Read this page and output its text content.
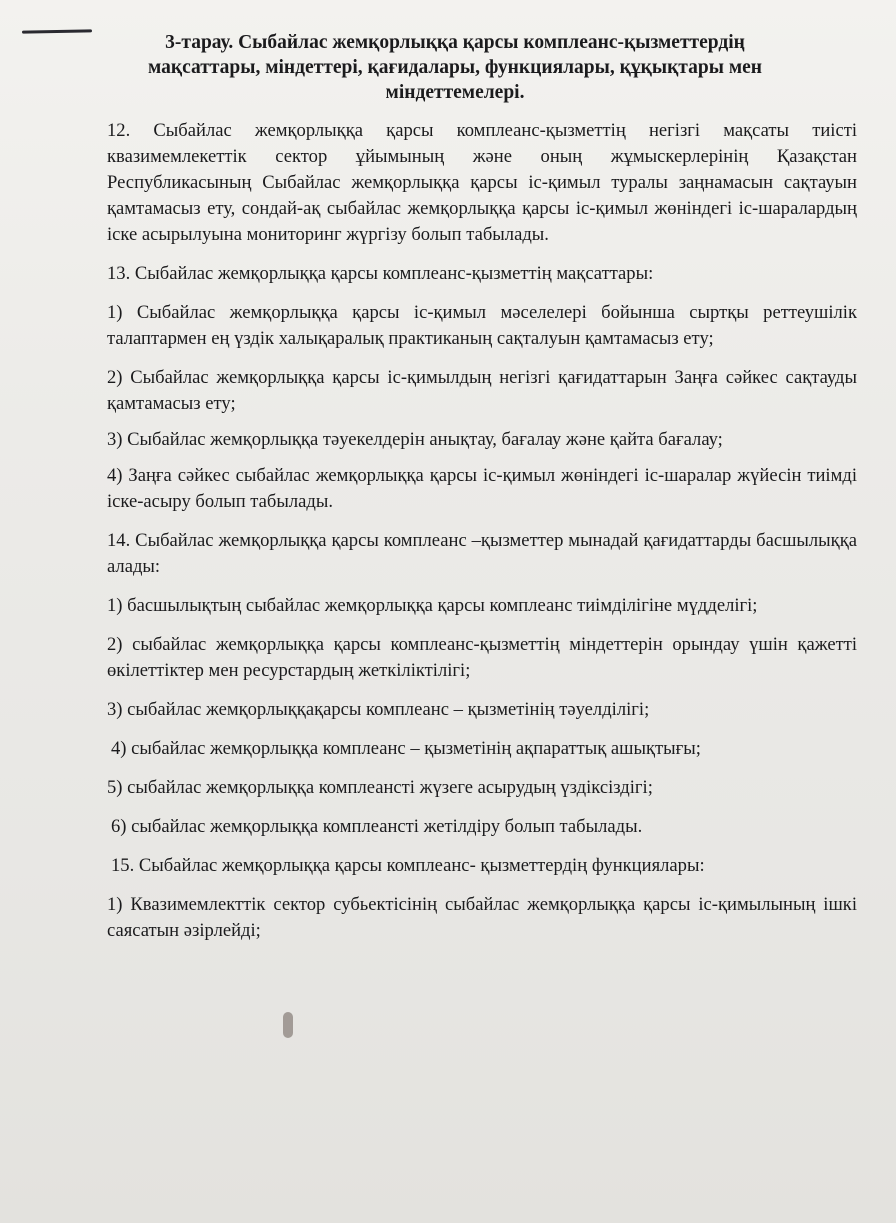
3-тарау. Сыбайлас жемқорлыққа қарсы комплеанс-қызметтердің
мақсаттары, міндеттері, қағидалары, функциялары, құқықтары мен
міндеттемелері.

12. Сыбайлас жемқорлыққа қарсы комплеанс-қызметтің негізгі мақсаты тиісті квазимемлекеттік сектор ұйымының және оның жұмыскерлерінің Қазақстан Республикасының Сыбайлас жемқорлыққа қарсы іс-қимыл туралы заңнамасын сақтауын қамтамасыз ету, сондай-ақ сыбайлас жемқорлыққа қарсы іс-қимыл жөніндегі іс-шаралардың іске асырылуына мониторинг жүргізу болып табылады.

13. Сыбайлас жемқорлыққа қарсы комплеанс-қызметтің мақсаттары:

1) Сыбайлас жемқорлыққа қарсы іс-қимыл мәселелері бойынша сыртқы реттеушілік талаптармен ең үздік халықаралық практиканың сақталуын қамтамасыз ету;

2) Сыбайлас жемқорлыққа қарсы іс-қимылдың негізгі қағидаттарын Заңға сәйкес сақтауды қамтамасыз ету;

3) Сыбайлас жемқорлыққа тәуекелдерін анықтау, бағалау және қайта бағалау;

4) Заңға сәйкес сыбайлас жемқорлыққа қарсы іс-қимыл жөніндегі іс-шаралар жүйесін тиімді іске-асыру болып табылады.

14. Сыбайлас жемқорлыққа қарсы комплеанс –қызметтер мынадай қағидаттарды басшылыққа алады:

1) басшылықтың сыбайлас жемқорлыққа қарсы комплеанс тиімділігіне мүдделігі;

2) сыбайлас жемқорлыққа қарсы комплеанс-қызметтің міндеттерін орындау үшін қажетті өкілеттіктер мен ресурстардың жеткіліктілігі;

3) сыбайлас жемқорлыққақарсы комплеанс – қызметінің тәуелділігі;

4) сыбайлас жемқорлыққа комплеанс – қызметінің ақпараттық ашықтығы;

5) сыбайлас жемқорлыққа комплеансті жүзеге асырудың үздіксіздігі;

6) сыбайлас жемқорлыққа комплеансті жетілдіру болып табылады.

15. Сыбайлас жемқорлыққа қарсы комплеанс- қызметтердің функциялары:

1) Квазимемлекттік сектор субьектісінің сыбайлас жемқорлыққа қарсы іс-қимылының ішкі саясатын әзірлейді;
